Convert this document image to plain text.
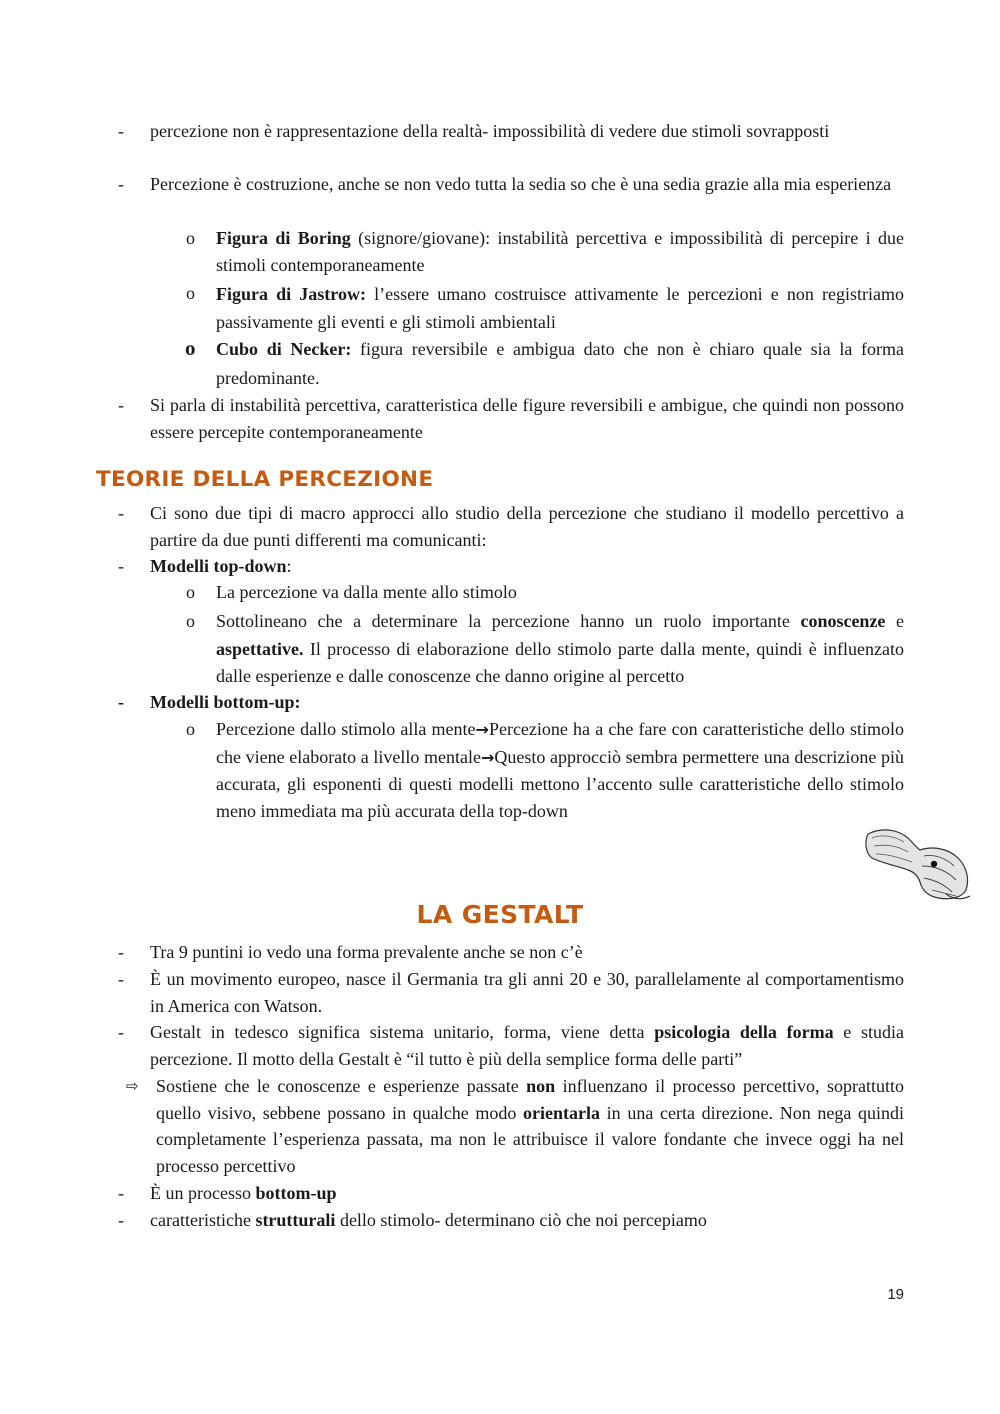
- percezione non è rappresentazione della realtà- impossibilità di vedere due stimoli sovrapposti
- Percezione è costruzione, anche se non vedo tutta la sedia so che è una sedia grazie alla mia esperienza
o Figura di Boring (signore/giovane): instabilità percettiva e impossibilità di percepire i due stimoli contemporaneamente
o Figura di Jastrow: l’essere umano costruisce attivamente le percezioni e non registriamo passivamente gli eventi e gli stimoli ambientali
o Cubo di Necker: figura reversibile e ambigua dato che non è chiaro quale sia la forma predominante.
- Si parla di instabilità percettiva, caratteristica delle figure reversibili e ambigue, che quindi non possono essere percepite contemporaneamente
TEORIE DELLA PERCEZIONE
- Ci sono due tipi di macro approcci allo studio della percezione che studiano il modello percettivo a partire da due punti differenti ma comunicanti:
- Modelli top-down:
o La percezione va dalla mente allo stimolo
o Sottolineano che a determinare la percezione hanno un ruolo importante conoscenze e aspettative. Il processo di elaborazione dello stimolo parte dalla mente, quindi è influenzato dalle esperienze e dalle conoscenze che danno origine al percetto
- Modelli bottom-up:
o Percezione dallo stimolo alla mente→Percezione ha a che fare con caratteristiche dello stimolo che viene elaborato a livello mentale→Questo approcciò sembra permettere una descrizione più accurata, gli esponenti di questi modelli mettono l’accento sulle caratteristiche dello stimolo meno immediata ma più accurata della top-down
LA GESTALT
- Tra 9 puntini io vedo una forma prevalente anche se non c’è
- È un movimento europeo, nasce il Germania tra gli anni 20 e 30, parallelamente al comportamentismo in America con Watson.
- Gestalt in tedesco significa sistema unitario, forma, viene detta psicologia della forma e studia percezione. Il motto della Gestalt è “il tutto è più della semplice forma delle parti”
⇨ Sostiene che le conoscenze e esperienze passate non influenzano il processo percettivo, soprattutto quello visivo, sebbene possano in qualche modo orientarla in una certa direzione. Non nega quindi completamente l’esperienza passata, ma non le attribuisce il valore fondante che invece oggi ha nel processo percettivo
- È un processo bottom-up
- caratteristiche strutturali dello stimolo- determinano ciò che noi percepiamo
19
